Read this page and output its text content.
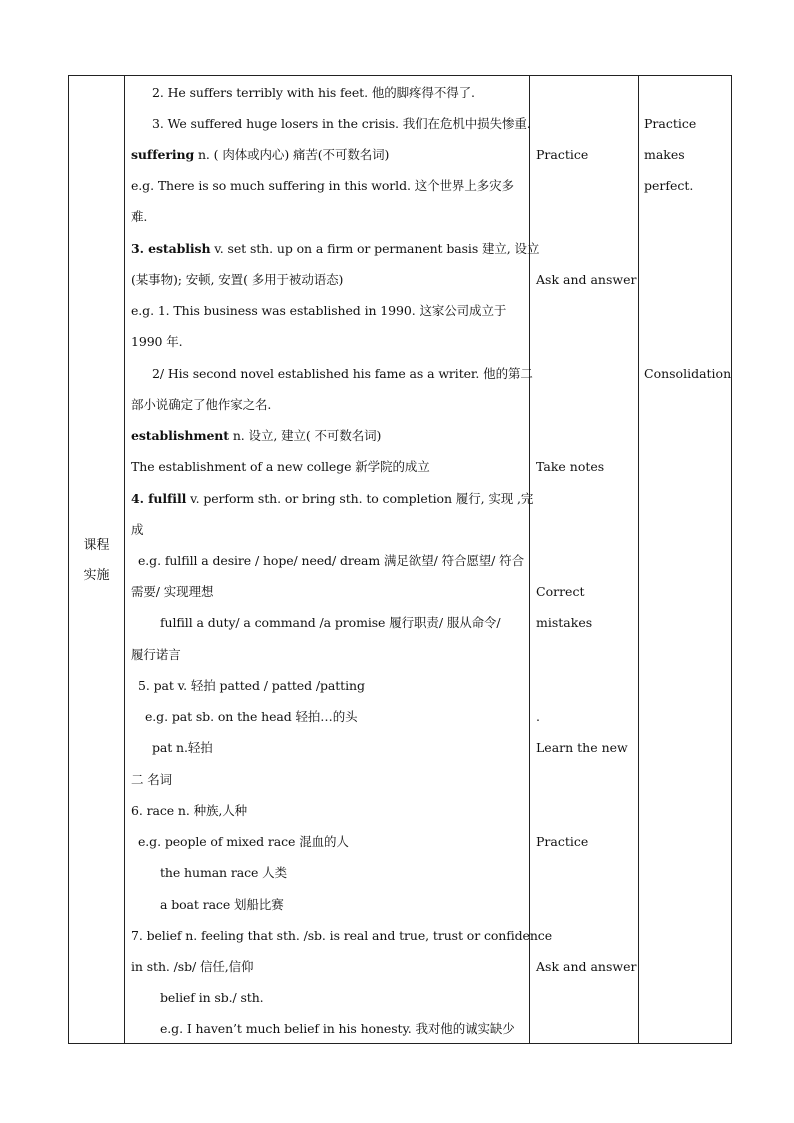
课程
实施
2. He suffers terribly with his feet. 他的脚疼得不得了.
3. We suffered huge losers in the crisis. 我们在危机中损失惨重.
suffering n. ( 肉体或内心) 痛苦(不可数名词)
e.g. There is so much suffering in this world. 这个世界上多灾多
难.
3. establish v. set sth. up on a firm or permanent basis 建立, 设立
(某事物); 安顿, 安置( 多用于被动语态)
e.g. 1. This business was established in 1990. 这家公司成立于
1990 年.
2/ His second novel established his fame as a writer. 他的第二
部小说确定了他作家之名.
establishment n. 设立, 建立( 不可数名词)
The establishment of a new college 新学院的成立
4. fulfill v. perform sth. or bring sth. to completion 履行, 实现 ,完
成
e.g. fulfill a desire / hope/ need/ dream 满足欲望/ 符合愿望/ 符合
需要/ 实现理想
fulfill a duty/ a command /a promise 履行职责/ 服从命令/
履行诺言
5. pat v. 轻拍 patted / patted /patting
e.g. pat sb. on the head 轻拍…的头
pat n.轻拍
二 名词
6. race n. 种族,人种
e.g. people of mixed race 混血的人
the human race 人类
a boat race 划船比赛
7. belief n. feeling that sth. /sb. is real and true, trust or confidence
in sth. /sb/ 信任,信仰
belief in sb./ sth.
e.g. I haven’t much belief in his honesty. 我对他的诚实缺少
Practice
Ask and answer
Take notes
Correct
mistakes
.
Learn the new
Practice
Ask and answer
Practice
makes
perfect.
Consolidation
